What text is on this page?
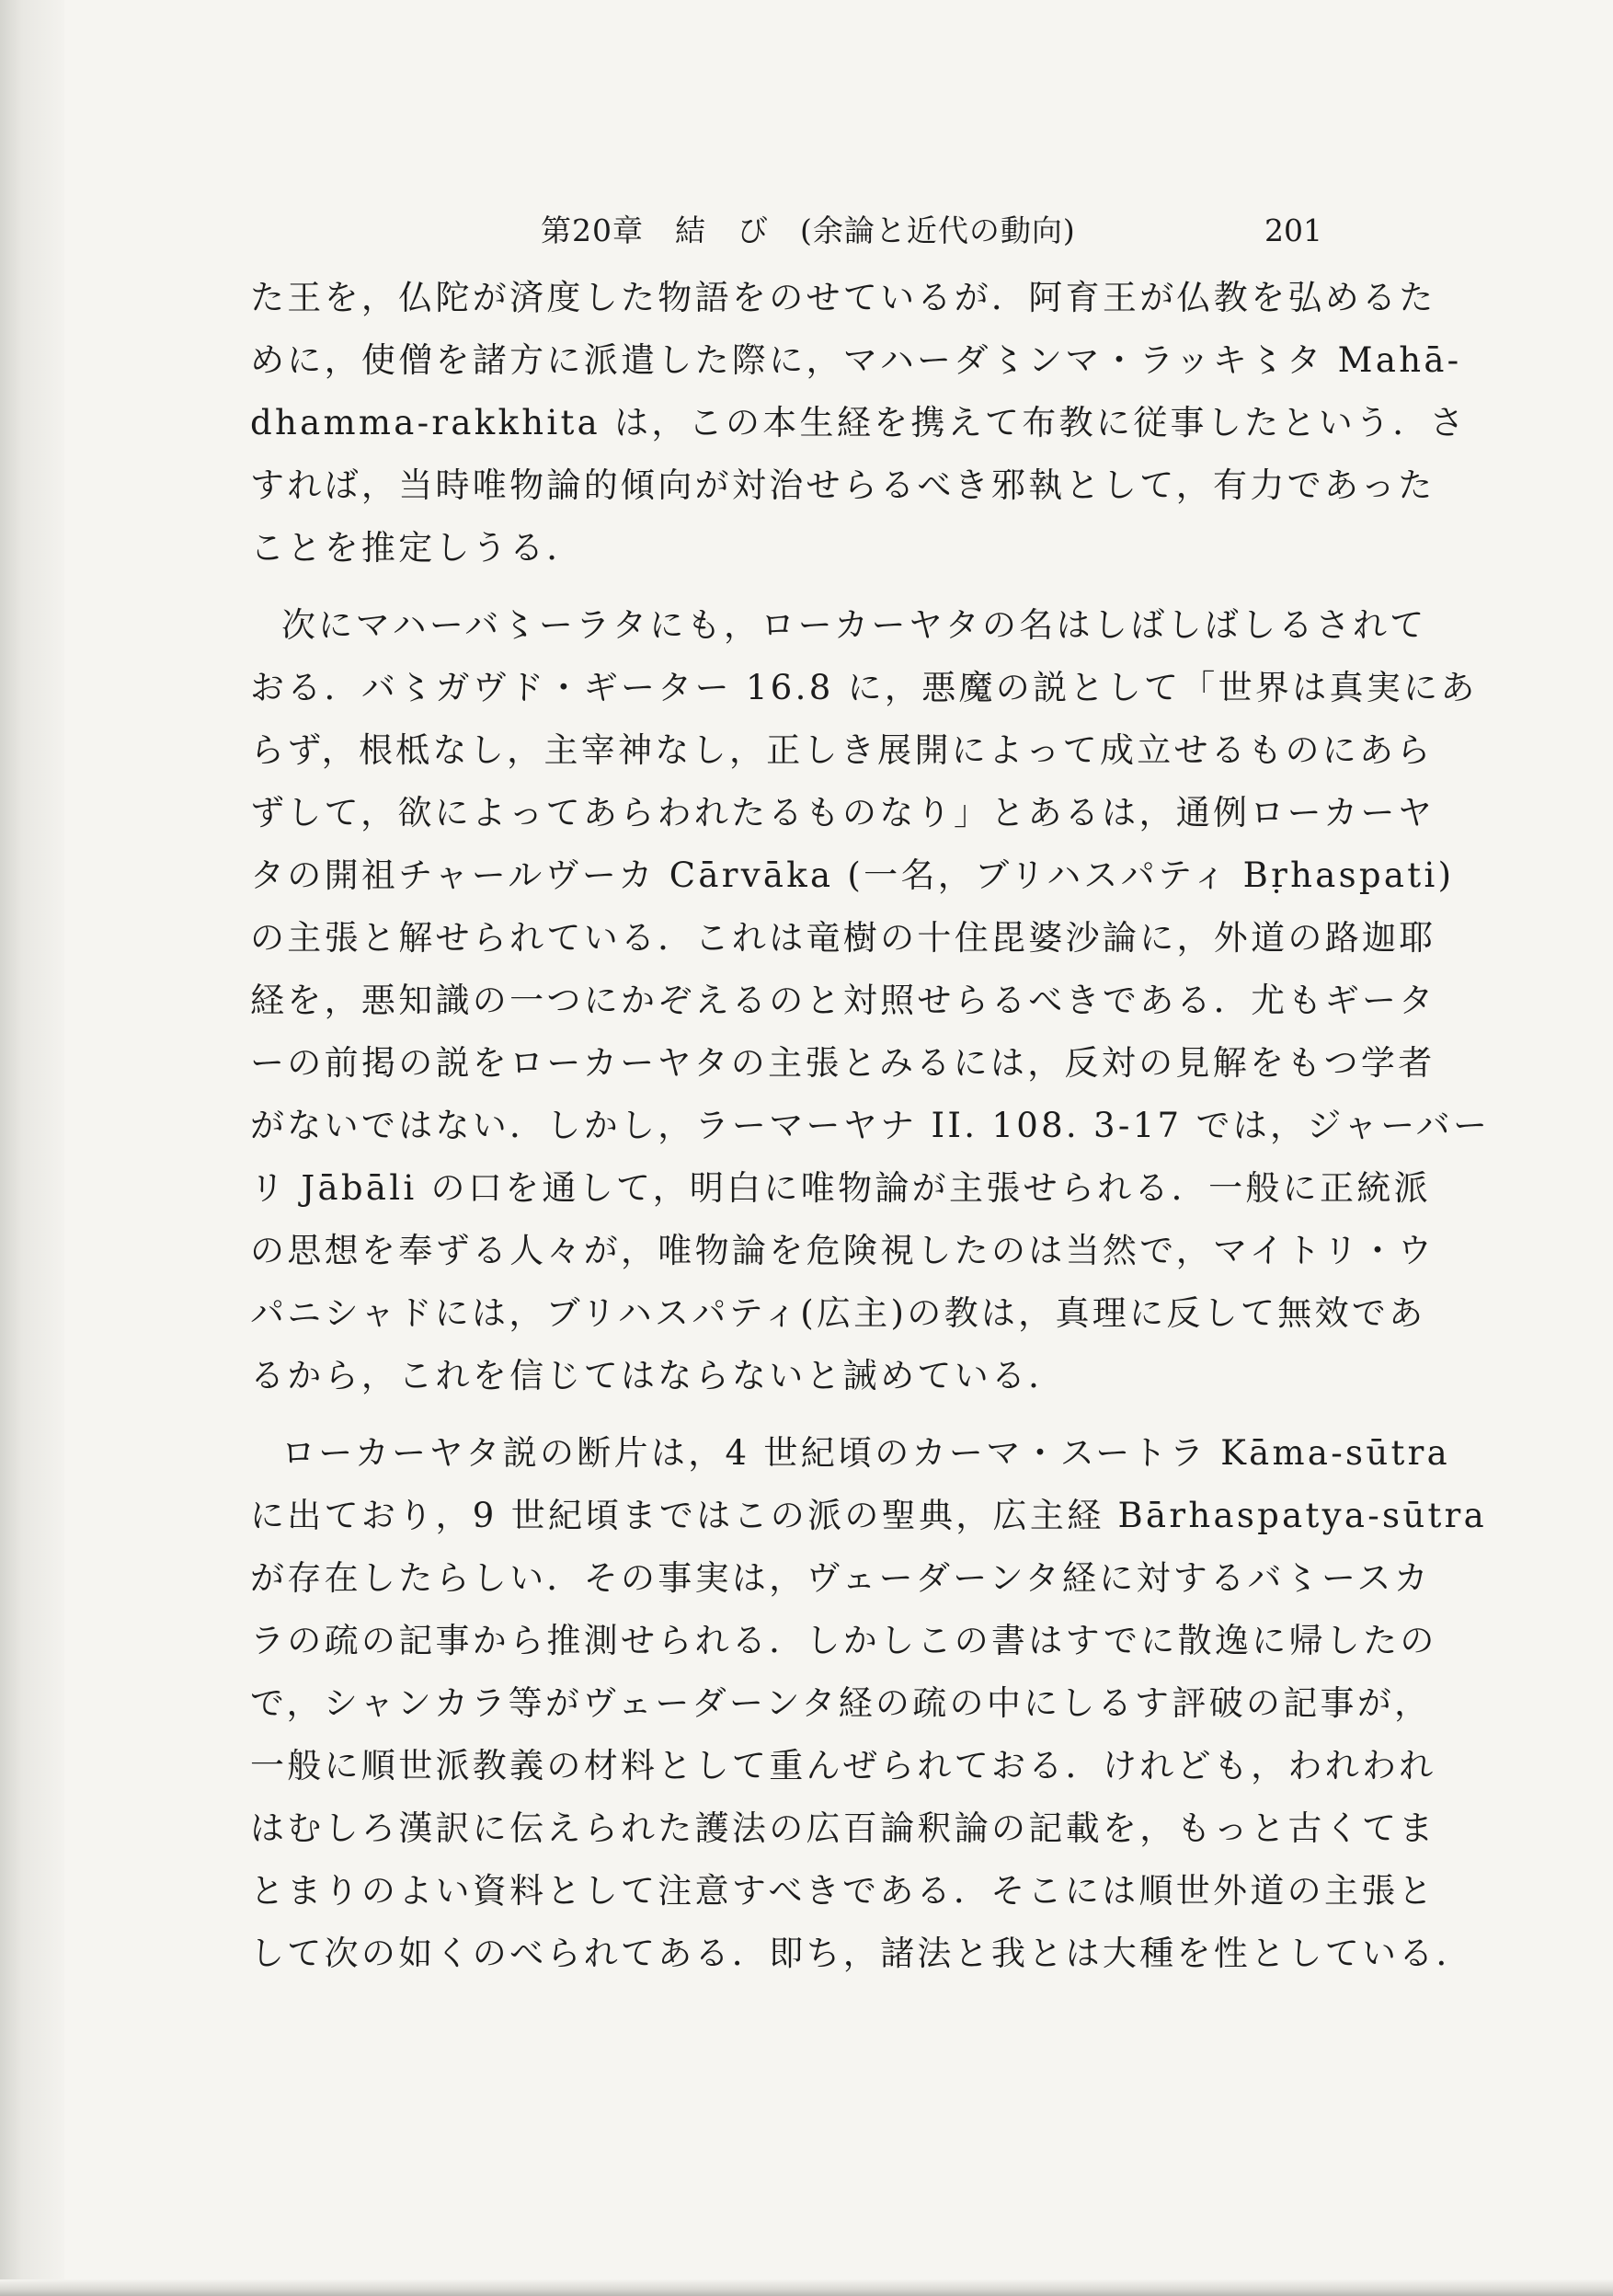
第20章　結　び　(余論と近代の動向)	201
た王を，仏陀が済度した物語をのせているが．阿育王が仏教を弘めるた
めに，使僧を諸方に派遣した際に，マハーダ〻ンマ・ラッキ〻タ Mahā-
dhamma-rakkhita は，この本生経を携えて布教に従事したという．さ
すれば，当時唯物論的傾向が対治せらるべき邪執として，有力であった
ことを推定しうる．
次にマハーバ〻ーラタにも，ローカーヤタの名はしばしばしるされて
おる．バ〻ガヴド・ギーター 16.8 に，悪魔の説として「世界は真実にあ
らず，根柢なし，主宰神なし，正しき展開によって成立せるものにあら
ずして，欲によってあらわれたるものなり」とあるは，通例ローカーヤ
タの開祖チャールヴーカ Cārvāka (一名，ブリハスパティ Bṛhaspati)
の主張と解せられている．これは竜樹の十住毘婆沙論に，外道の路迦耶
経を，悪知識の一つにかぞえるのと対照せらるべきである．尤もギータ
ーの前掲の説をローカーヤタの主張とみるには，反対の見解をもつ学者
がないではない．しかし，ラーマーヤナ II. 108. 3-17 では，ジャーバー
リ Jābāli の口を通して，明白に唯物論が主張せられる．一般に正統派
の思想を奉ずる人々が，唯物論を危険視したのは当然で，マイトリ・ウ
パニシャドには，ブリハスパティ(広主)の教は，真理に反して無效であ
るから，これを信じてはならないと誡めている．
ローカーヤタ説の断片は，4 世紀頃のカーマ・スートラ Kāma-sūtra
に出ており，9 世紀頃まではこの派の聖典，広主経 Bārhaspatya-sūtra
が存在したらしい．その事実は，ヴェーダーンタ経に対するバ〻ースカ
ラの疏の記事から推測せられる．しかしこの書はすでに散逸に帰したの
で，シャンカラ等がヴェーダーンタ経の疏の中にしるす評破の記事が，
一般に順世派教義の材料として重んぜられておる．けれども，われわれ
はむしろ漢訳に伝えられた護法の広百論釈論の記載を，もっと古くてま
とまりのよい資料として注意すべきである．そこには順世外道の主張と
して次の如くのべられてある．即ち，諸法と我とは大種を性としている．
